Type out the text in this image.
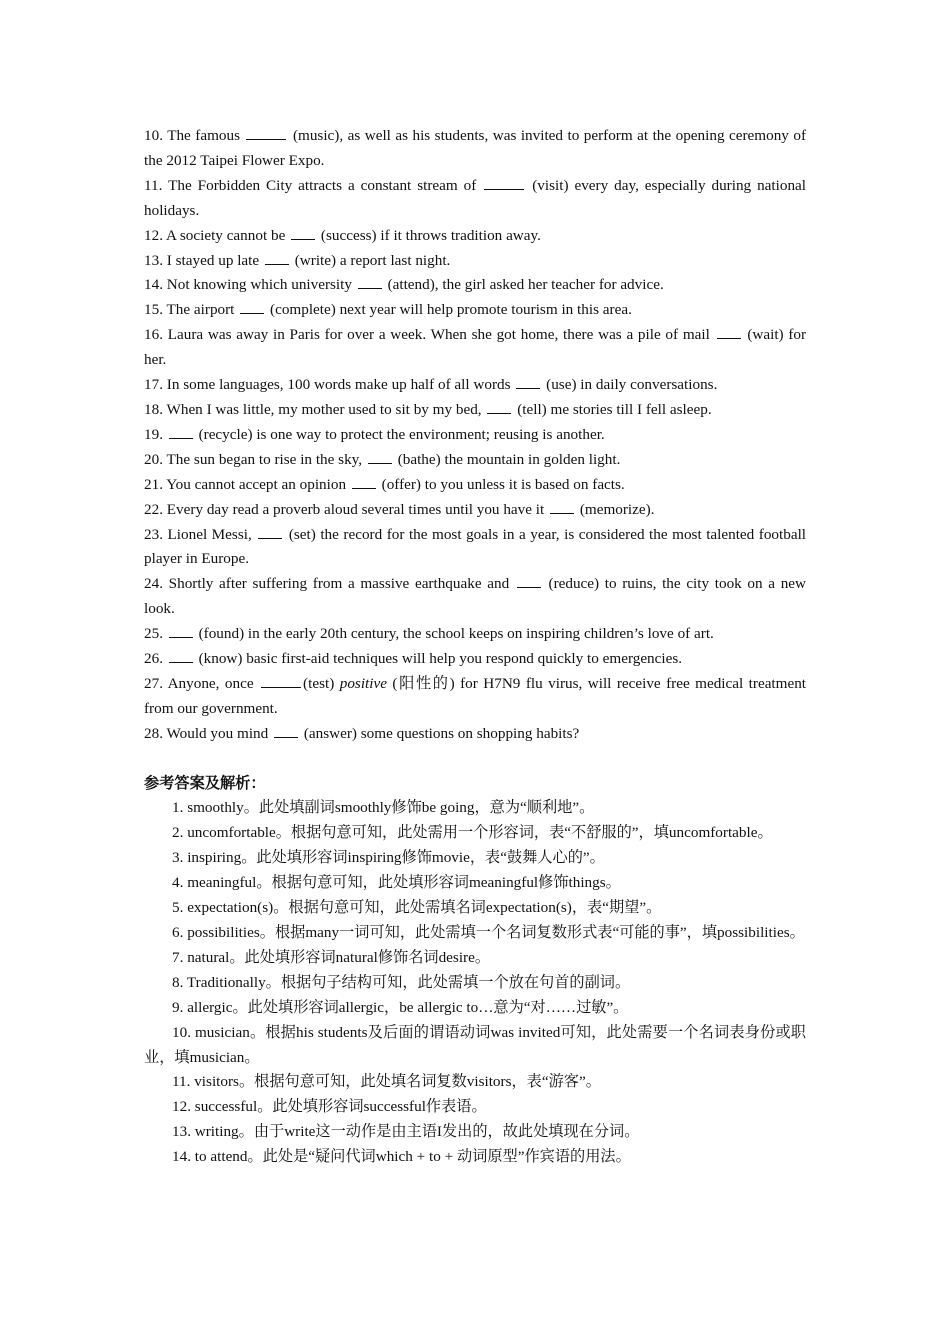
10. The famous	(music), as well as his students, was invited to perform at the opening ceremony of the 2012 Taipei Flower Expo.

11. The Forbidden City attracts a constant stream of	(visit) every day, especially during national holidays.

12. A society cannot be (success) if it throws tradition away.

13. I stayed up late (write) a report last night.

14. Not knowing which university (attend), the girl asked her teacher for advice.

15. The airport (complete) next year will help promote tourism in this area.

16. Laura was away in Paris for over a week. When she got home, there was a pile of mail (wait) for her.

17. In some languages, 100 words make up half of all words (use) in daily conversations.

18. When I was little, my mother used to sit by my bed, (tell) me stories till I fell asleep.

19. (recycle) is one way to protect the environment; reusing is another.

20. The sun began to rise in the sky, (bathe) the mountain in golden light.

21. You cannot accept an opinion (offer) to you unless it is based on facts.

22. Every day read a proverb aloud several times until you have it (memorize).

23. Lionel Messi, (set) the record for the most goals in a year, is considered the most talented football player in Europe.

24. Shortly after suffering from a massive earthquake and	(reduce) to ruins, the city took on a new look.

25. (found) in the early 20th century, the school keeps on inspiring children’s love of art.

26. (know) basic first-aid techniques will help you respond quickly to emergencies.

27. Anyone, once	(test) positive (阳性的) for H7N9 flu virus, will receive free medical treatment from our government.

28. Would you mind (answer) some questions on shopping habits?

参考答案及解析：

1. smoothly。此处填副词smoothly修饰be going，意为“顺利地”。

2. uncomfortable。根据句意可知，此处需用一个形容词，表“不舒服的”，填uncomfortable。

3. inspiring。此处填形容词inspiring修饰movie，表“鼓舞人心的”。

4. meaningful。根据句意可知，此处填形容词meaningful修饰things。

5. expectation(s)。根据句意可知，此处需填名词expectation(s)，表“期望”。

6. possibilities。根据many一词可知，此处需填一个名词复数形式表“可能的事”，填possibilities。

7. natural。此处填形容词natural修饰名词desire。

8. Traditionally。根据句子结构可知，此处需填一个放在句首的副词。

9. allergic。此处填形容词allergic，be allergic to…意为“对……过敏”。

10. musician。根据his students及后面的谓语动词was invited可知，此处需要一个名词表身份或职业，填musician。

11. visitors。根据句意可知，此处填名词复数visitors，表“游客”。

12. successful。此处填形容词successful作表语。

13. writing。由于write这一动作是由主语I发出的，故此处填现在分词。

14. to attend。此处是“疑问代词which + to + 动词原型”作宾语的用法。
